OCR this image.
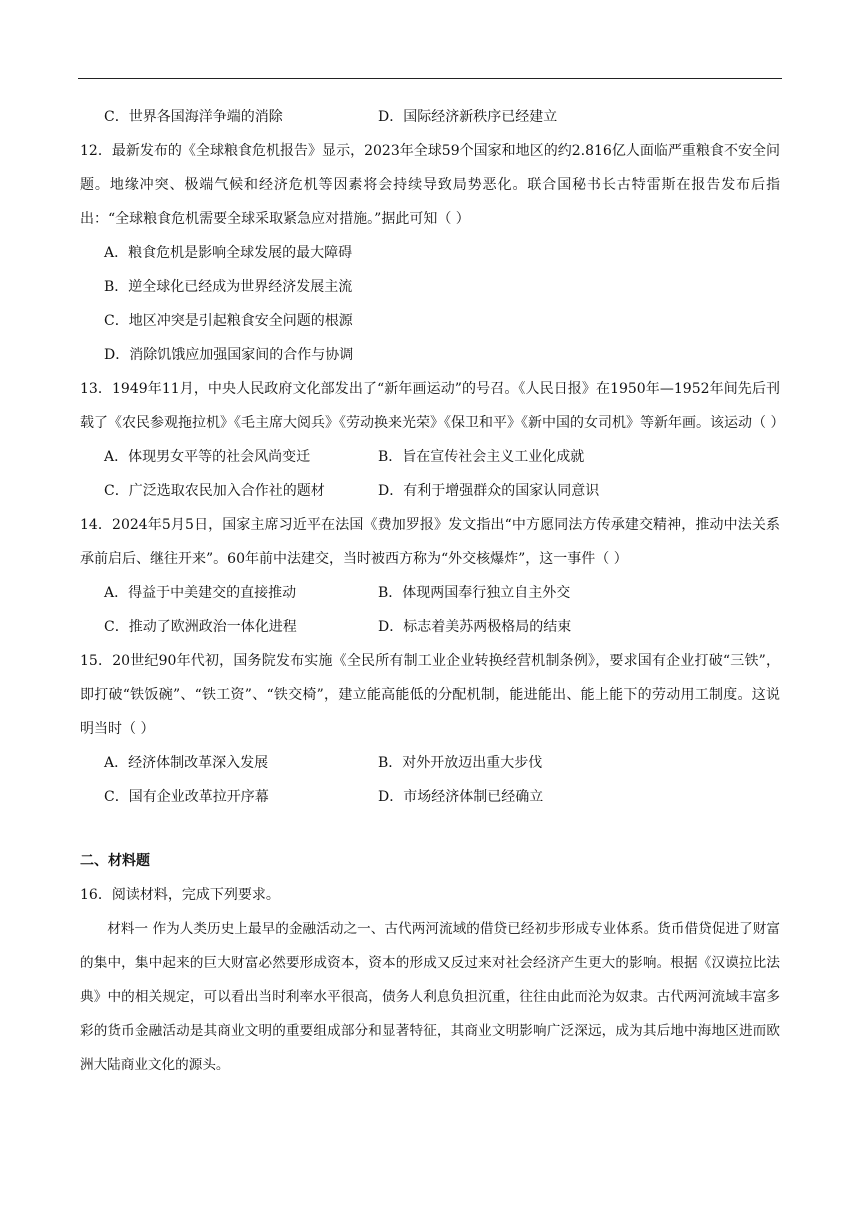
C．世界各国海洋争端的消除	D．国际经济新秩序已经建立
12．最新发布的《全球粮食危机报告》显示，2023年全球59个国家和地区的约2.816亿人面临严重粮食不安全问题。地缘冲突、极端气候和经济危机等因素将会持续导致局势恶化。联合国秘书长古特雷斯在报告发布后指出：“全球粮食危机需要全球采取紧急应对措施。”据此可知（ ）
A．粮食危机是影响全球发展的最大障碍
B．逆全球化已经成为世界经济发展主流
C．地区冲突是引起粮食安全问题的根源
D．消除饥饿应加强国家间的合作与协调
13．1949年11月，中央人民政府文化部发出了“新年画运动”的号召。《人民日报》在1950年—1952年间先后刊载了《农民参观拖拉机》《毛主席大阅兵》《劳动换来光荣》《保卫和平》《新中国的女司机》等新年画。该运动（ ）
A．体现男女平等的社会风尚变迁	B．旨在宣传社会主义工业化成就
C．广泛选取农民加入合作社的题材	D．有利于增强群众的国家认同意识
14．2024年5月5日，国家主席习近平在法国《费加罗报》发文指出“中方愿同法方传承建交精神，推动中法关系承前启后、继往开来”。60年前中法建交，当时被西方称为“外交核爆炸”，这一事件（ ）
A．得益于中美建交的直接推动	B．体现两国奉行独立自主外交
C．推动了欧洲政治一体化进程	D．标志着美苏两极格局的结束
15．20世纪90年代初，国务院发布实施《全民所有制工业企业转换经营机制条例》，要求国有企业打破“三铁”，即打破“铁饭碗”、“铁工资”、“铁交椅”，建立能高能低的分配机制，能进能出、能上能下的劳动用工制度。这说明当时（ ）
A．经济体制改革深入发展	B．对外开放迈出重大步伐
C．国有企业改革拉开序幕	D．市场经济体制已经确立
二、材料题
16．阅读材料，完成下列要求。
材料一 作为人类历史上最早的金融活动之一、古代两河流域的借贷已经初步形成专业体系。货币借贷促进了财富的集中，集中起来的巨大财富必然要形成资本，资本的形成又反过来对社会经济产生更大的影响。根据《汉谟拉比法典》中的相关规定，可以看出当时利率水平很高，债务人利息负担沉重，往往由此而沦为奴隶。古代两河流域丰富多彩的货币金融活动是其商业文明的重要组成部分和显著特征，其商业文明影响广泛深远，成为其后地中海地区进而欧洲大陆商业文化的源头。
